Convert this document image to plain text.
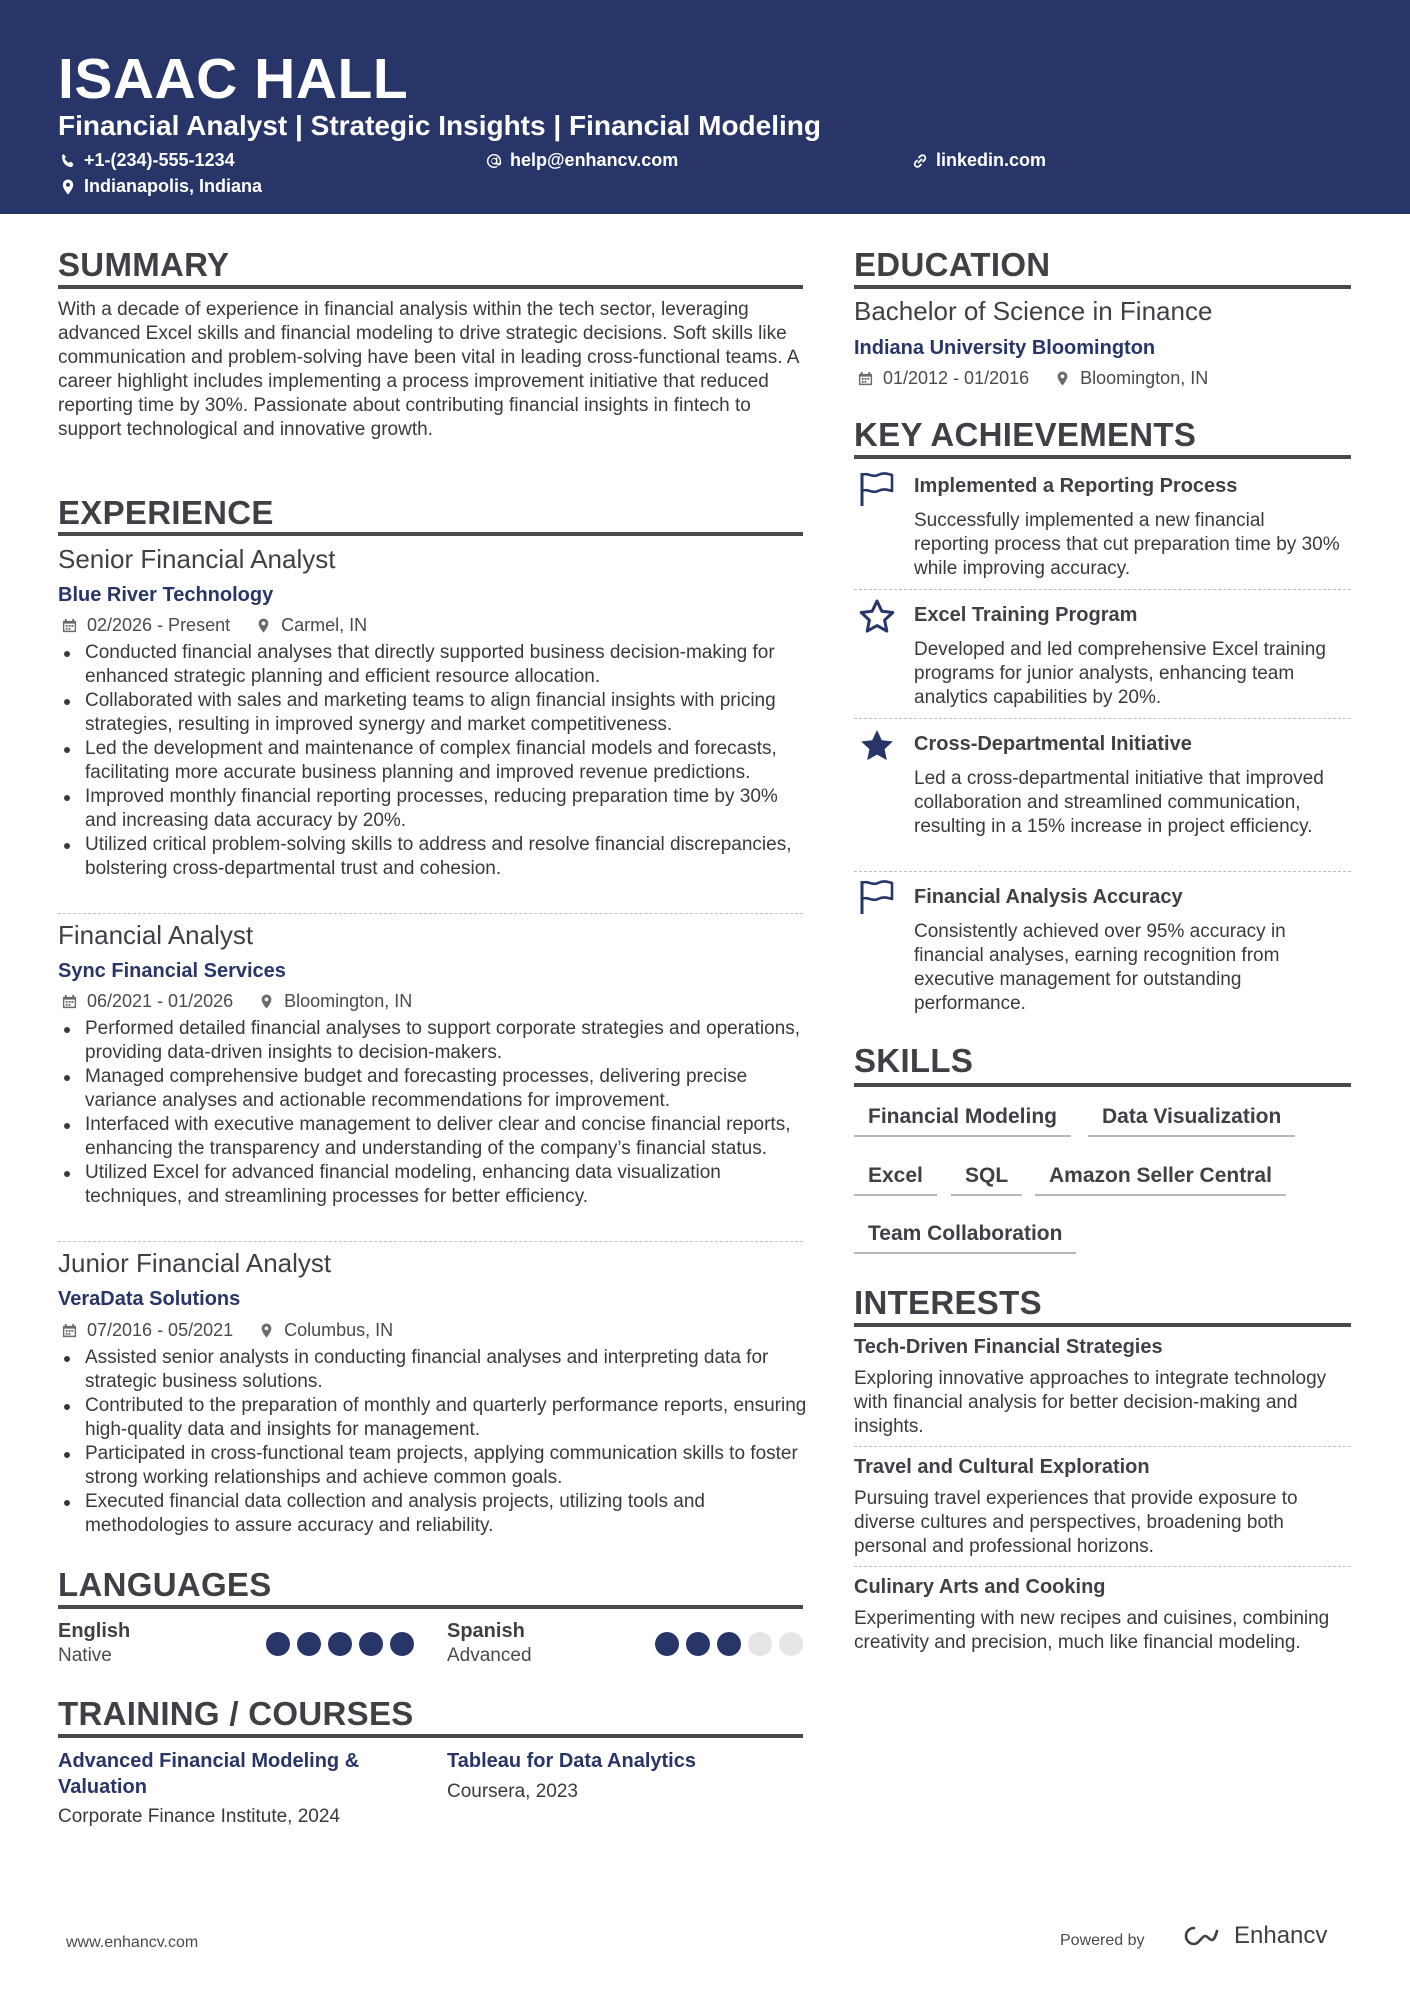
ISAAC HALL
Financial Analyst | Strategic Insights | Financial Modeling
+1-(234)-555-1234	help@enhancv.com	linkedin.com
Indianapolis, Indiana
SUMMARY
With a decade of experience in financial analysis within the tech sector, leveraging advanced Excel skills and financial modeling to drive strategic decisions. Soft skills like communication and problem-solving have been vital in leading cross-functional teams. A career highlight includes implementing a process improvement initiative that reduced reporting time by 30%. Passionate about contributing financial insights in fintech to support technological and innovative growth.
EXPERIENCE
Senior Financial Analyst
Blue River Technology
02/2026 - Present	Carmel, IN
Conducted financial analyses that directly supported business decision-making for enhanced strategic planning and efficient resource allocation.
Collaborated with sales and marketing teams to align financial insights with pricing strategies, resulting in improved synergy and market competitiveness.
Led the development and maintenance of complex financial models and forecasts, facilitating more accurate business planning and improved revenue predictions.
Improved monthly financial reporting processes, reducing preparation time by 30% and increasing data accuracy by 20%.
Utilized critical problem-solving skills to address and resolve financial discrepancies, bolstering cross-departmental trust and cohesion.
Financial Analyst
Sync Financial Services
06/2021 - 01/2026	Bloomington, IN
Performed detailed financial analyses to support corporate strategies and operations, providing data-driven insights to decision-makers.
Managed comprehensive budget and forecasting processes, delivering precise variance analyses and actionable recommendations for improvement.
Interfaced with executive management to deliver clear and concise financial reports, enhancing the transparency and understanding of the company’s financial status.
Utilized Excel for advanced financial modeling, enhancing data visualization techniques, and streamlining processes for better efficiency.
Junior Financial Analyst
VeraData Solutions
07/2016 - 05/2021	Columbus, IN
Assisted senior analysts in conducting financial analyses and interpreting data for strategic business solutions.
Contributed to the preparation of monthly and quarterly performance reports, ensuring high-quality data and insights for management.
Participated in cross-functional team projects, applying communication skills to foster strong working relationships and achieve common goals.
Executed financial data collection and analysis projects, utilizing tools and methodologies to assure accuracy and reliability.
LANGUAGES
English
Native
Spanish
Advanced
TRAINING / COURSES
Advanced Financial Modeling & Valuation
Corporate Finance Institute, 2024
Tableau for Data Analytics
Coursera, 2023
EDUCATION
Bachelor of Science in Finance
Indiana University Bloomington
01/2012 - 01/2016	Bloomington, IN
KEY ACHIEVEMENTS
Implemented a Reporting Process
Successfully implemented a new financial reporting process that cut preparation time by 30% while improving accuracy.
Excel Training Program
Developed and led comprehensive Excel training programs for junior analysts, enhancing team analytics capabilities by 20%.
Cross-Departmental Initiative
Led a cross-departmental initiative that improved collaboration and streamlined communication, resulting in a 15% increase in project efficiency.
Financial Analysis Accuracy
Consistently achieved over 95% accuracy in financial analyses, earning recognition from executive management for outstanding performance.
SKILLS
Financial Modeling	Data Visualization
Excel	SQL	Amazon Seller Central
Team Collaboration
INTERESTS
Tech-Driven Financial Strategies
Exploring innovative approaches to integrate technology with financial analysis for better decision-making and insights.
Travel and Cultural Exploration
Pursuing travel experiences that provide exposure to diverse cultures and perspectives, broadening both personal and professional horizons.
Culinary Arts and Cooking
Experimenting with new recipes and cuisines, combining creativity and precision, much like financial modeling.
www.enhancv.com	Powered by	Enhancv
